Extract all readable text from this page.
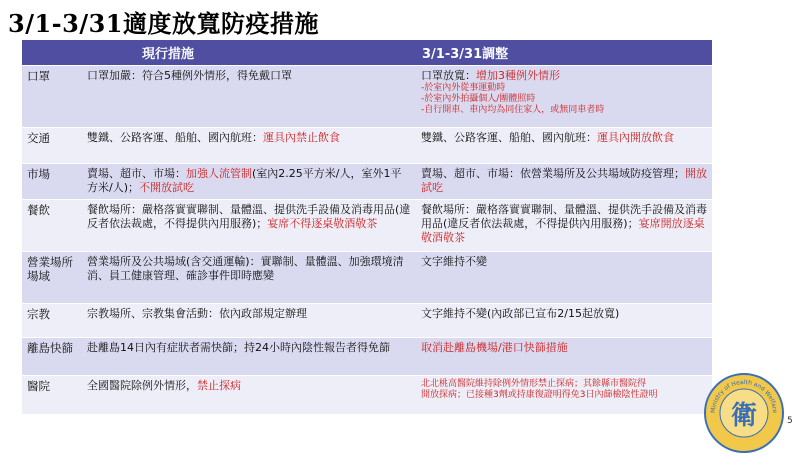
3/1-3/31適度放寬防疫措施
	現行措施	3/1-3/31調整
口罩	口罩加嚴：符合5種例外情形，得免戴口罩	口罩放寬：增加3種例外情形
-於室內外從事運動時
-於室內外拍攝個人/團體照時
-自行開車、車內均為同住家人，或無同車者時

交通	雙鐵、公路客運、船舶、國內航班：運具內禁止飲食	雙鐵、公路客運、船舶、國內航班：運具內開放飲食
市場	賣場、超市、市場：加強人流管制(室內2.25平方米/人，室外1平方米/人)；不開放試吃	賣場、超市、市場：依營業場所及公共場域防疫管理；開放試吃
餐飲	餐飲場所：嚴格落實實聯制、量體溫、提供洗手設備及消毒用品(違反者依法裁處，不得提供內用服務)；宴席不得逐桌敬酒敬茶	餐飲場所：嚴格落實實聯制、量體溫、提供洗手設備及消毒用品(違反者依法裁處，不得提供內用服務)；宴席開放逐桌敬酒敬茶
營業場所場域	營業場所及公共場域(含交通運輸)：實聯制、量體溫、加強環境清消、員工健康管理、確診事件即時應變	文字維持不變
宗教	宗教場所、宗教集會活動：依內政部規定辦理	文字維持不變(內政部已宣布2/15起放寬)
離島快篩	赴離島14日內有症狀者需快篩；持24小時內陰性報告者得免篩	取消赴離島機場/港口快篩措施
醫院	全國醫院除例外情形，禁止探病	北北桃高醫院維持除例外情形禁止探病；其餘縣市醫院得
開放探病；已接種3劑或持康復證明得免3日內篩檢陰性證明
Ministry of Health and Welfare
衛	5
